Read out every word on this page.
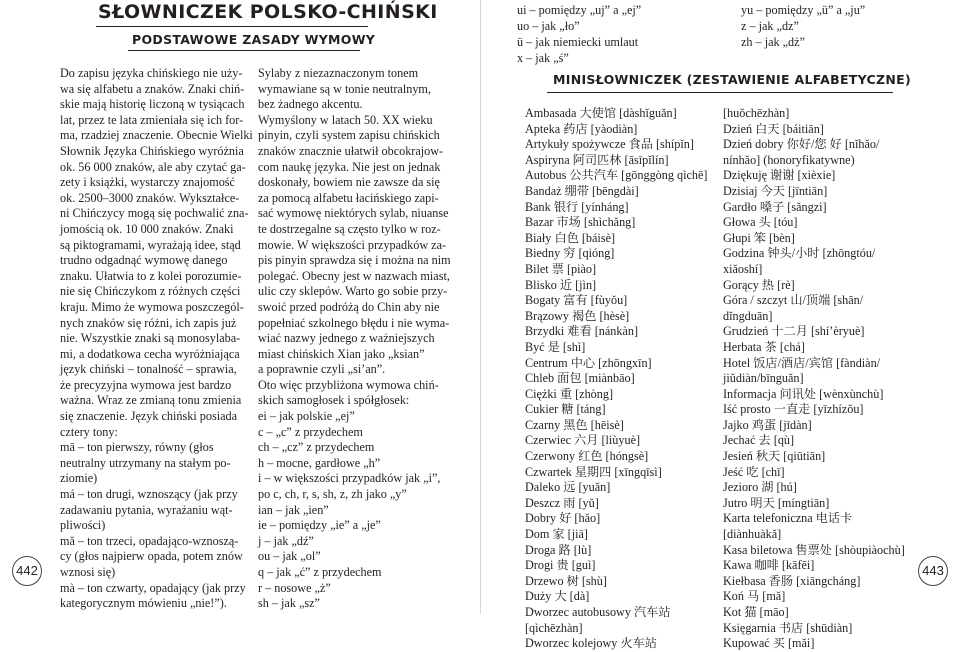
SŁOWNICZEK POLSKO-CHIŃSKI
PODSTAWOWE ZASADY WYMOWY
Do zapisu języka chińskiego nie uży-
wa się alfabetu a znaków. Znaki chiń-
skie mają historię liczoną w tysiącach
lat, przez te lata zmieniała się ich for-
ma, rzadziej znaczenie. Obecnie Wielki
Słownik Języka Chińskiego wyróżnia
ok. 56 000 znaków, ale aby czytać ga-
zety i książki, wystarczy znajomość
ok. 2500–3000 znaków. Wykształce-
ni Chińczycy mogą się pochwalić zna-
jomością ok. 10 000 znaków. Znaki
są piktogramami, wyrażają idee, stąd
trudno odgadnąć wymowę danego
znaku. Ułatwia to z kolei porozumie-
nie się Chińczykom z różnych części
kraju. Mimo że wymowa poszczegól-
nych znaków się różni, ich zapis już
nie. Wszystkie znaki są monosylaba-
mi, a dodatkowa cecha wyróżniająca
język chiński – tonalność – sprawia,
że precyzyjna wymowa jest bardzo
ważna. Wraz ze zmianą tonu zmienia
się znaczenie. Język chiński posiada
cztery tony:
mā – ton pierwszy, równy (głos
neutralny utrzymany na stałym po-
ziomie)
má – ton drugi, wznoszący (jak przy
zadawaniu pytania, wyrażaniu wąt-
pliwości)
mǎ – ton trzeci, opadająco-wznoszą-
cy (głos najpierw opada, potem znów
wznosi się)
mà – ton czwarty, opadający (jak przy
kategorycznym mówieniu „nie!”).
Sylaby z niezaznaczonym tonem
wymawiane są w tonie neutralnym,
bez żadnego akcentu.
Wymyślony w latach 50. XX wieku
pinyin, czyli system zapisu chińskich
znaków znacznie ułatwił obcokrajow-
com naukę języka. Nie jest on jednak
doskonały, bowiem nie zawsze da się
za pomocą alfabetu łacińskiego zapi-
sać wymowę niektórych sylab, niuanse
te dostrzegalne są często tylko w roz-
mowie. W większości przypadków za-
pis pinyin sprawdza się i można na nim
polegać. Obecny jest w nazwach miast,
ulic czy sklepów. Warto go sobie przy-
swoić przed podróżą do Chin aby nie
popełniać szkolnego błędu i nie wyma-
wiać nazwy jednego z ważniejszych
miast chińskich Xian jako „ksian”
a poprawnie czyli „si’an”.
Oto więc przybliżona wymowa chiń-
skich samogłosek i spółgłosek:
ei – jak polskie „ej”
c – „c” z przydechem
ch – „cz” z przydechem
h – mocne, gardłowe „h”
i – w większości przypadków jak „i”,
po c, ch, r, s, sh, z, zh jako „y”
ian – jak „ien”
ie – pomiędzy „ie” a „je”
j – jak „dź”
ou – jak „ol”
q – jak „ć” z przydechem
r – nosowe „ż”
sh – jak „sz”
442
ui – pomiędzy „uj” a „ej”
uo – jak „ło”
ü – jak niemiecki umlaut
x – jak „ś”
yu – pomiędzy „ü” a „ju”
z – jak „dz”
zh – jak „dż”
MINISŁOWNICZEK (ZESTAWIENIE ALFABETYCZNE)
Ambasada 大使馆 [dàshǐguǎn]
Apteka 药店 [yàodiàn]
Artykuły spożywcze 食品 [shípǐn]
Aspiryna 阿司匹林 [āsīpǐlín]
Autobus 公共汽车 [gōnggòng qìchē]
Bandaż 绷带 [bēngdài]
Bank 银行 [yínháng]
Bazar 市场 [shìchǎng]
Biały 白色 [báisè]
Biedny 穷 [qióng]
Bilet 票 [piào]
Blisko 近 [jìn]
Bogaty 富有 [fùyǒu]
Brązowy 褐色 [hèsè]
Brzydki 难看 [nánkàn]
Być 是 [shì]
Centrum 中心 [zhōngxīn]
Chleb 面包 [miànbāo]
Ciężki 重 [zhòng]
Cukier 糖 [táng]
Czarny 黑色 [hēisè]
Czerwiec 六月 [liùyuè]
Czerwony 红色 [hóngsè]
Czwartek 星期四 [xīngqīsì]
Daleko 远 [yuǎn]
Deszcz 雨 [yǔ]
Dobry 好 [hǎo]
Dom 家 [jiā]
Droga 路 [lù]
Drogi 贵 [guì]
Drzewo 树 [shù]
Duży 大 [dà]
Dworzec autobusowy 汽车站
[qìchēzhàn]
Dworzec kolejowy 火车站
[huǒchēzhàn]
Dzień 白天 [báitiān]
Dzień dobry 你好/您 好 [nǐhǎo/
nínhǎo] (honoryfikatywne)
Dziękuję 谢谢 [xièxie]
Dzisiaj 今天 [jīntiān]
Gardło 嗓子 [sǎngzi]
Głowa 头 [tóu]
Głupi 笨 [bèn]
Godzina 钟头/小时 [zhōngtóu/
xiǎoshí]
Gorący 热 [rè]
Góra / szczyt 山/顶端 [shān/
dǐngduān]
Grudzień 十二月 [shí’èryuè]
Herbata 茶 [chá]
Hotel 饭店/酒店/宾馆 [fàndiàn/
jiǔdiàn/bīnguǎn]
Informacja 问讯处 [wènxùnchù]
Iść prosto 一直走 [yīzhízǒu]
Jajko 鸡蛋 [jīdàn]
Jechać 去 [qù]
Jesień 秋天 [qiūtiān]
Jeść 吃 [chī]
Jezioro 湖 [hú]
Jutro 明天 [míngtiān]
Karta telefoniczna 电话卡
[diànhuàkǎ]
Kasa biletowa 售票处 [shòupiàochù]
Kawa 咖啡 [kāfēi]
Kiełbasa 香肠 [xiāngcháng]
Koń 马 [mǎ]
Kot 猫 [māo]
Księgarnia 书店 [shūdiàn]
Kupować 买 [mǎi]
443
